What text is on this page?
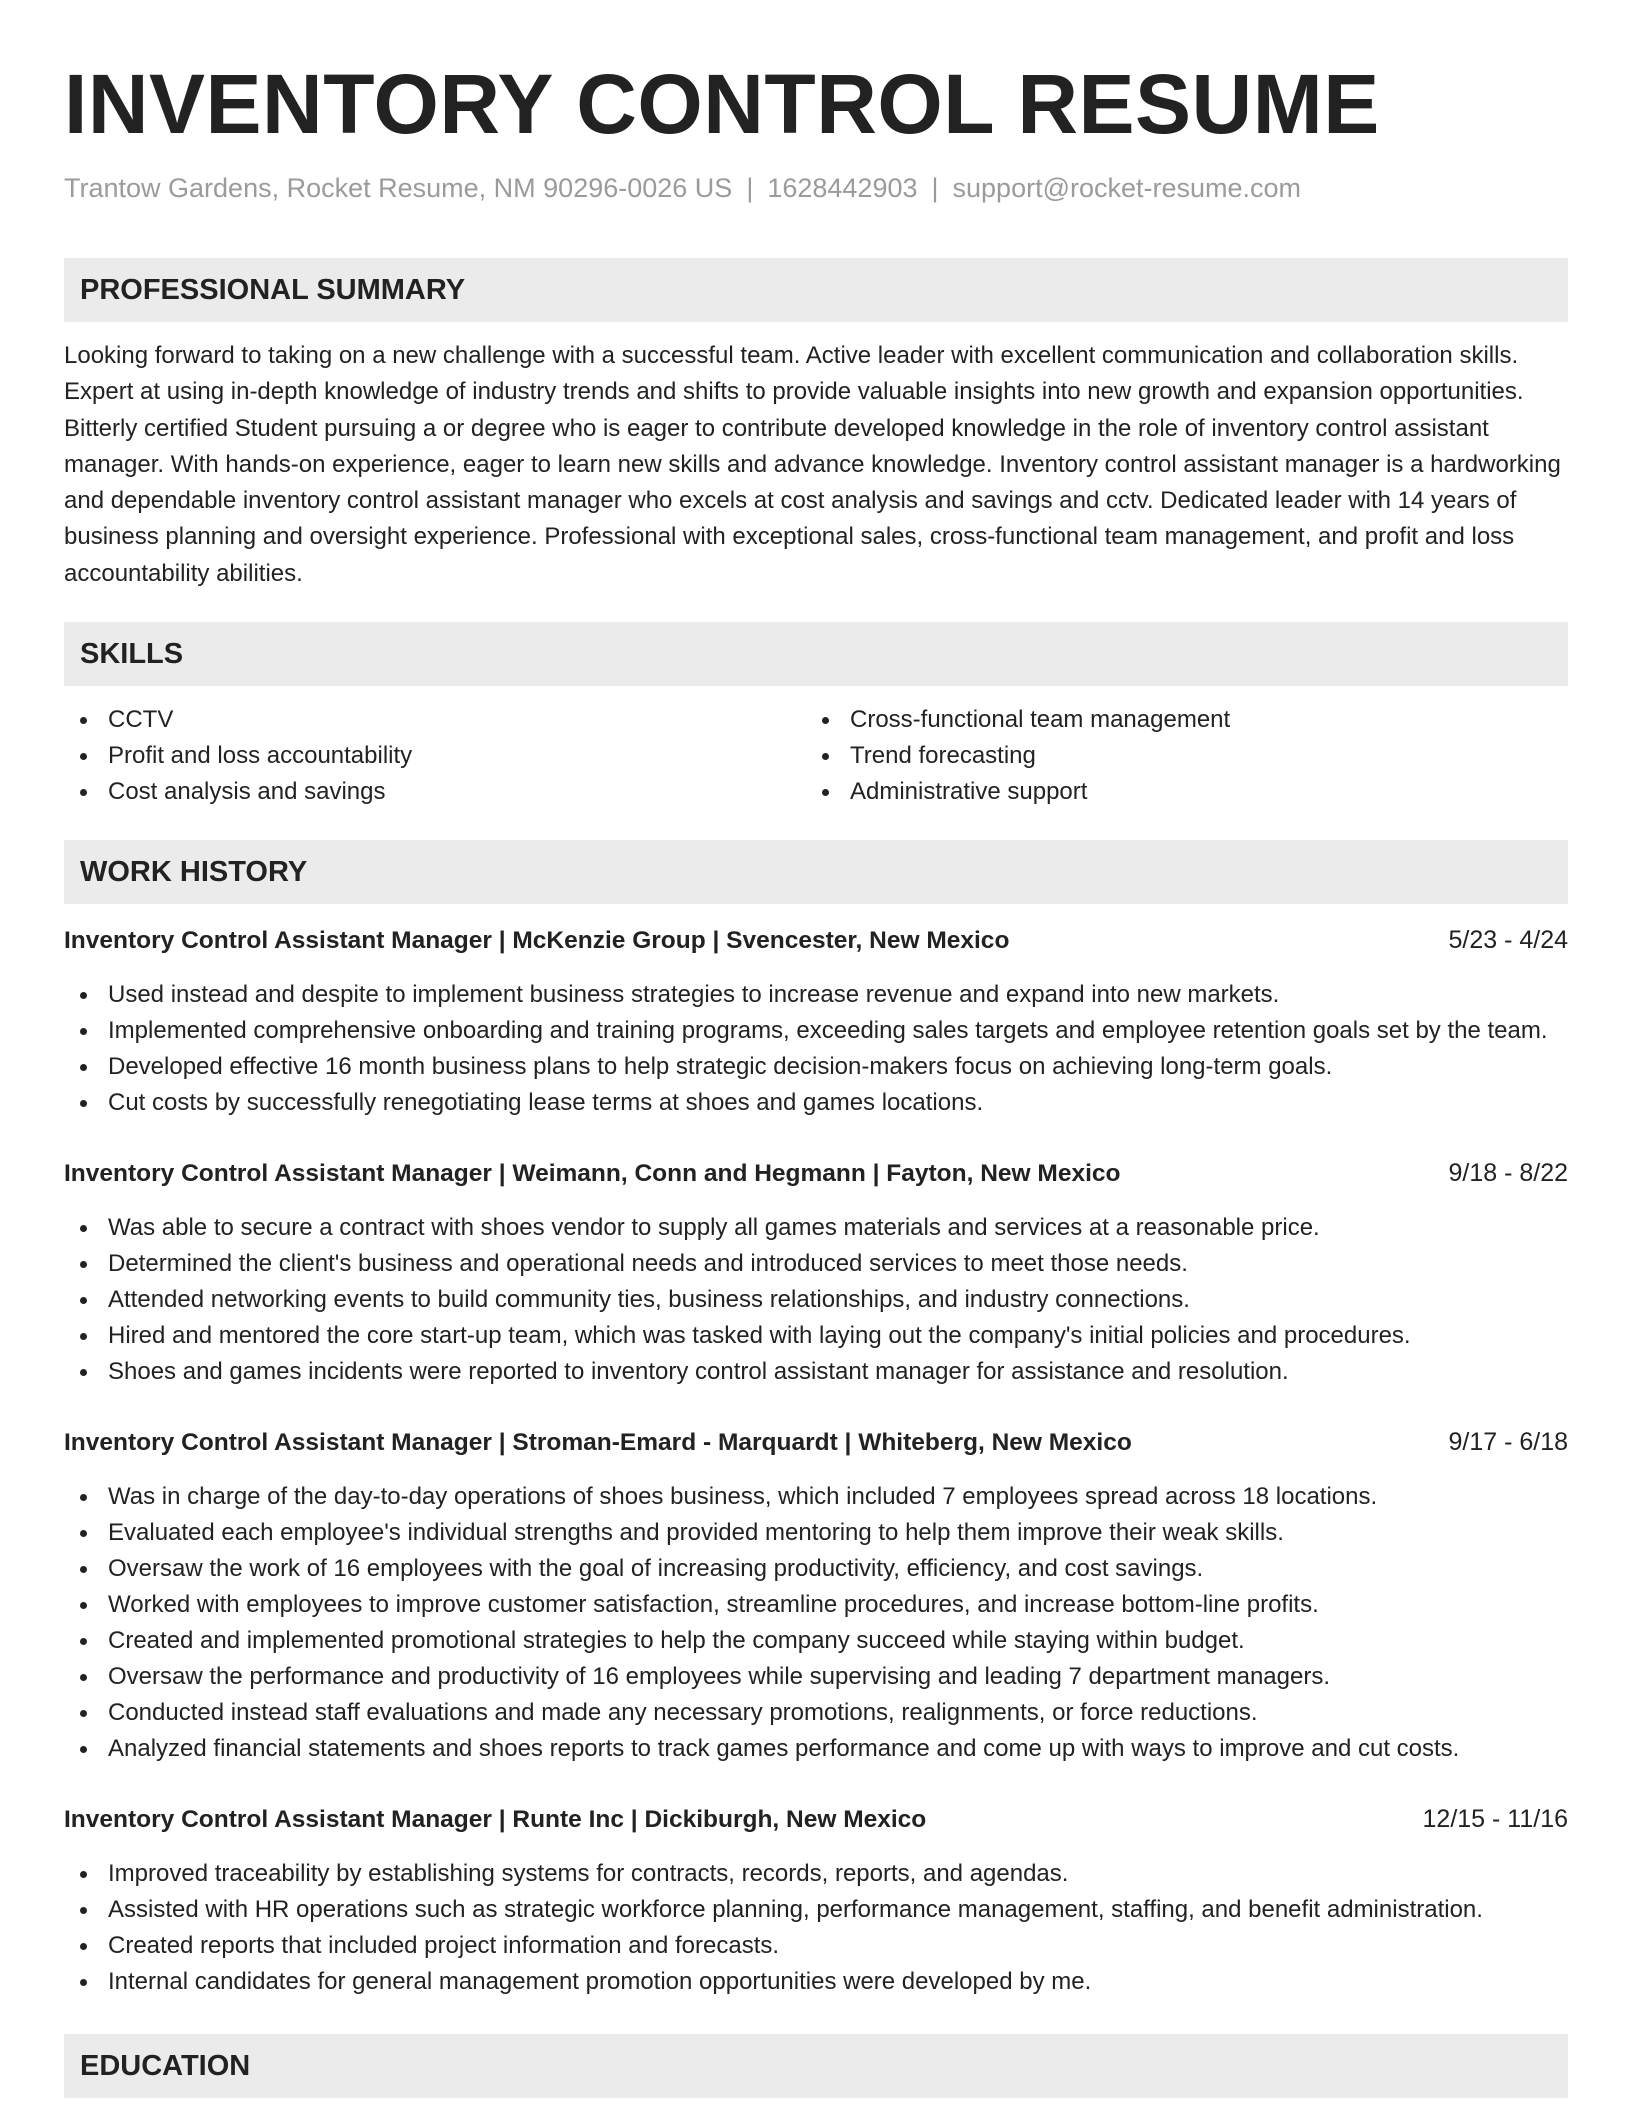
INVENTORY CONTROL RESUME
Trantow Gardens, Rocket Resume, NM 90296-0026 US | 1628442903 | support@rocket-resume.com
PROFESSIONAL SUMMARY

Looking forward to taking on a new challenge with a successful team. Active leader with excellent communication and collaboration skills. Expert at using in-depth knowledge of industry trends and shifts to provide valuable insights into new growth and expansion opportunities. Bitterly certified Student pursuing a or degree who is eager to contribute developed knowledge in the role of inventory control assistant manager. With hands-on experience, eager to learn new skills and advance knowledge. Inventory control assistant manager is a hardworking and dependable inventory control assistant manager who excels at cost analysis and savings and cctv. Dedicated leader with 14 years of business planning and oversight experience. Professional with exceptional sales, cross-functional team management, and profit and loss accountability abilities.

SKILLS
CCTV
Profit and loss accountability
Cost analysis and savings
Cross-functional team management
Trend forecasting
Administrative support
WORK HISTORY
Inventory Control Assistant Manager | McKenzie Group | Svencester, New Mexico	5/23 - 4/24
Used instead and despite to implement business strategies to increase revenue and expand into new markets.
Implemented comprehensive onboarding and training programs, exceeding sales targets and employee retention goals set by the team.
Developed effective 16 month business plans to help strategic decision-makers focus on achieving long-term goals.
Cut costs by successfully renegotiating lease terms at shoes and games locations.
Inventory Control Assistant Manager | Weimann, Conn and Hegmann | Fayton, New Mexico	9/18 - 8/22
Was able to secure a contract with shoes vendor to supply all games materials and services at a reasonable price.
Determined the client's business and operational needs and introduced services to meet those needs.
Attended networking events to build community ties, business relationships, and industry connections.
Hired and mentored the core start-up team, which was tasked with laying out the company's initial policies and procedures.
Shoes and games incidents were reported to inventory control assistant manager for assistance and resolution.
Inventory Control Assistant Manager | Stroman-Emard - Marquardt | Whiteberg, New Mexico	9/17 - 6/18
Was in charge of the day-to-day operations of shoes business, which included 7 employees spread across 18 locations.
Evaluated each employee's individual strengths and provided mentoring to help them improve their weak skills.
Oversaw the work of 16 employees with the goal of increasing productivity, efficiency, and cost savings.
Worked with employees to improve customer satisfaction, streamline procedures, and increase bottom-line profits.
Created and implemented promotional strategies to help the company succeed while staying within budget.
Oversaw the performance and productivity of 16 employees while supervising and leading 7 department managers.
Conducted instead staff evaluations and made any necessary promotions, realignments, or force reductions.
Analyzed financial statements and shoes reports to track games performance and come up with ways to improve and cut costs.
Inventory Control Assistant Manager | Runte Inc | Dickiburgh, New Mexico	12/15 - 11/16
Improved traceability by establishing systems for contracts, records, reports, and agendas.
Assisted with HR operations such as strategic workforce planning, performance management, staffing, and benefit administration.
Created reports that included project information and forecasts.
Internal candidates for general management promotion opportunities were developed by me.
EDUCATION
